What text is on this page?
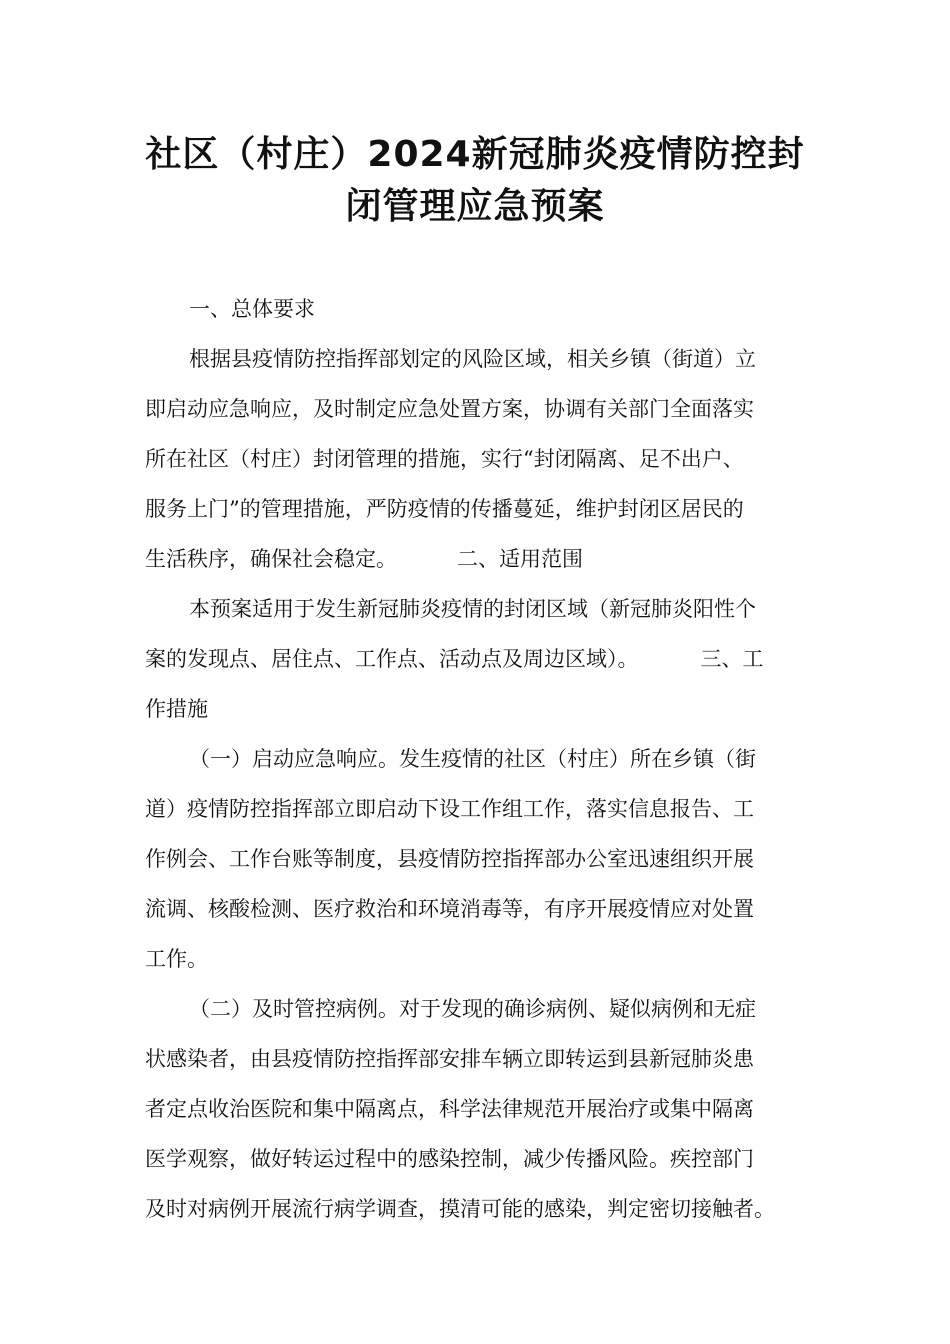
社区（村庄）2024新冠肺炎疫情防控封
闭管理应急预案
一、总体要求
根据县疫情防控指挥部划定的风险区域，相关乡镇（街道）立
即启动应急响应，及时制定应急处置方案，协调有关部门全面落实
所在社区（村庄）封闭管理的措施，实行“封闭隔离、足不出户、
服务上门”的管理措施，严防疫情的传播蔓延，维护封闭区居民的
生活秩序，确保社会稳定。	二、适用范围
本预案适用于发生新冠肺炎疫情的封闭区域（新冠肺炎阳性个
案的发现点、居住点、工作点、活动点及周边区域）。	三、工
作措施
（一）启动应急响应。发生疫情的社区（村庄）所在乡镇（街
道）疫情防控指挥部立即启动下设工作组工作，落实信息报告、工
作例会、工作台账等制度，县疫情防控指挥部办公室迅速组织开展
流调、核酸检测、医疗救治和环境消毒等，有序开展疫情应对处置
工作。
（二）及时管控病例。对于发现的确诊病例、疑似病例和无症
状感染者，由县疫情防控指挥部安排车辆立即转运到县新冠肺炎患
者定点收治医院和集中隔离点，科学法律规范开展治疗或集中隔离
医学观察，做好转运过程中的感染控制，减少传播风险。疾控部门
及时对病例开展流行病学调查，摸清可能的感染，判定密切接触者。
